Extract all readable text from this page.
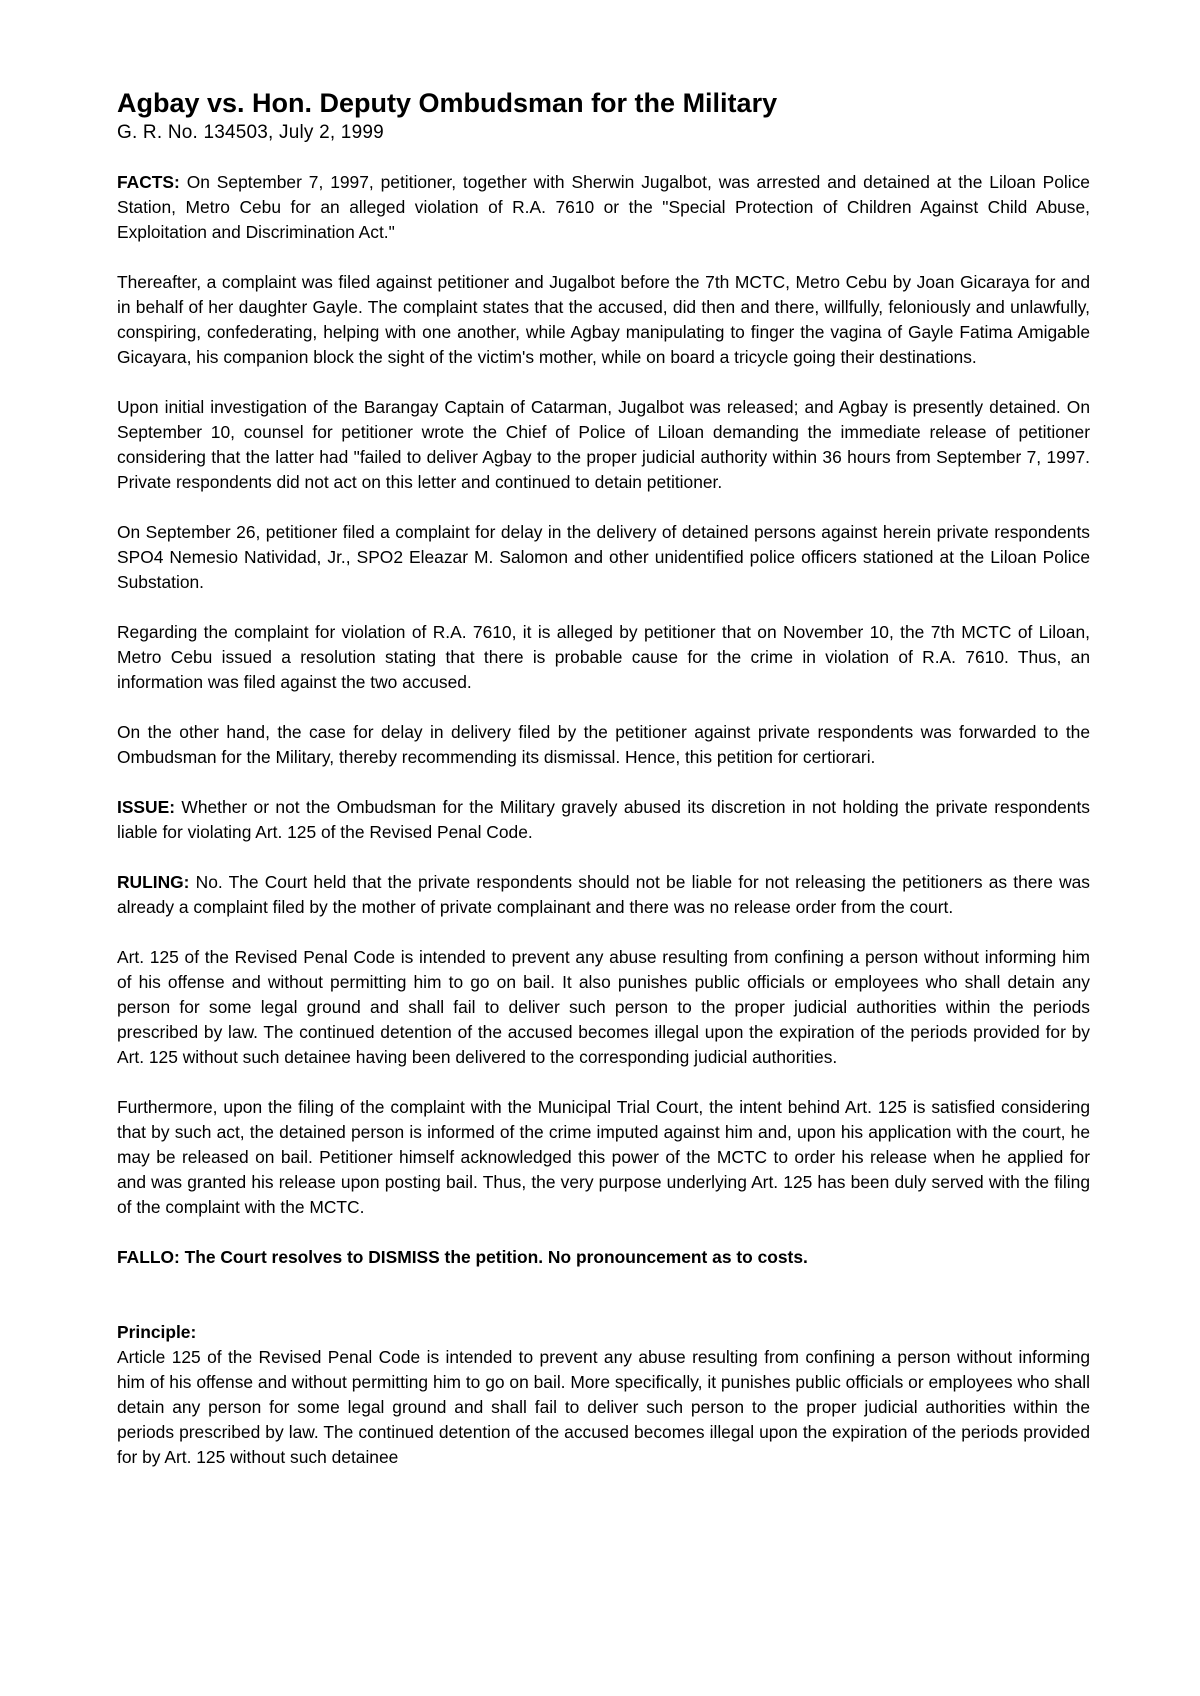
Agbay vs. Hon. Deputy Ombudsman for the Military

G. R. No. 134503, July 2, 1999

FACTS: On September 7, 1997, petitioner, together with Sherwin Jugalbot, was arrested and detained at the Liloan Police Station, Metro Cebu for an alleged violation of R.A. 7610 or the "Special Protection of Children Against Child Abuse, Exploitation and Discrimination Act."

Thereafter, a complaint was filed against petitioner and Jugalbot before the 7th MCTC, Metro Cebu by Joan Gicaraya for and in behalf of her daughter Gayle. The complaint states that the accused, did then and there, willfully, feloniously and unlawfully, conspiring, confederating, helping with one another, while Agbay manipulating to finger the vagina of Gayle Fatima Amigable Gicayara, his companion block the sight of the victim's mother, while on board a tricycle going their destinations.

Upon initial investigation of the Barangay Captain of Catarman, Jugalbot was released; and Agbay is presently detained. On September 10, counsel for petitioner wrote the Chief of Police of Liloan demanding the immediate release of petitioner considering that the latter had "failed to deliver Agbay to the proper judicial authority within 36 hours from September 7, 1997. Private respondents did not act on this letter and continued to detain petitioner.

On September 26, petitioner filed a complaint for delay in the delivery of detained persons against herein private respondents SPO4 Nemesio Natividad, Jr., SPO2 Eleazar M. Salomon and other unidentified police officers stationed at the Liloan Police Substation.

Regarding the complaint for violation of R.A. 7610, it is alleged by petitioner that on November 10, the 7th MCTC of Liloan, Metro Cebu issued a resolution stating that there is probable cause for the crime in violation of R.A. 7610. Thus, an information was filed against the two accused.

On the other hand, the case for delay in delivery filed by the petitioner against private respondents was forwarded to the Ombudsman for the Military, thereby recommending its dismissal. Hence, this petition for certiorari.

ISSUE: Whether or not the Ombudsman for the Military gravely abused its discretion in not holding the private respondents liable for violating Art. 125 of the Revised Penal Code.

RULING: No. The Court held that the private respondents should not be liable for not releasing the petitioners as there was already a complaint filed by the mother of private complainant and there was no release order from the court.

Art. 125 of the Revised Penal Code is intended to prevent any abuse resulting from confining a person without informing him of his offense and without permitting him to go on bail. It also punishes public officials or employees who shall detain any person for some legal ground and shall fail to deliver such person to the proper judicial authorities within the periods prescribed by law. The continued detention of the accused becomes illegal upon the expiration of the periods provided for by Art. 125 without such detainee having been delivered to the corresponding judicial authorities.

Furthermore, upon the filing of the complaint with the Municipal Trial Court, the intent behind Art. 125 is satisfied considering that by such act, the detained person is informed of the crime imputed against him and, upon his application with the court, he may be released on bail. Petitioner himself acknowledged this power of the MCTC to order his release when he applied for and was granted his release upon posting bail. Thus, the very purpose underlying Art. 125 has been duly served with the filing of the complaint with the MCTC.

FALLO: The Court resolves to DISMISS the petition. No pronouncement as to costs.

Principle:

Article 125 of the Revised Penal Code is intended to prevent any abuse resulting from confining a person without informing him of his offense and without permitting him to go on bail. More specifically, it punishes public officials or employees who shall detain any person for some legal ground and shall fail to deliver such person to the proper judicial authorities within the periods prescribed by law. The continued detention of the accused becomes illegal upon the expiration of the periods provided for by Art. 125 without such detainee
